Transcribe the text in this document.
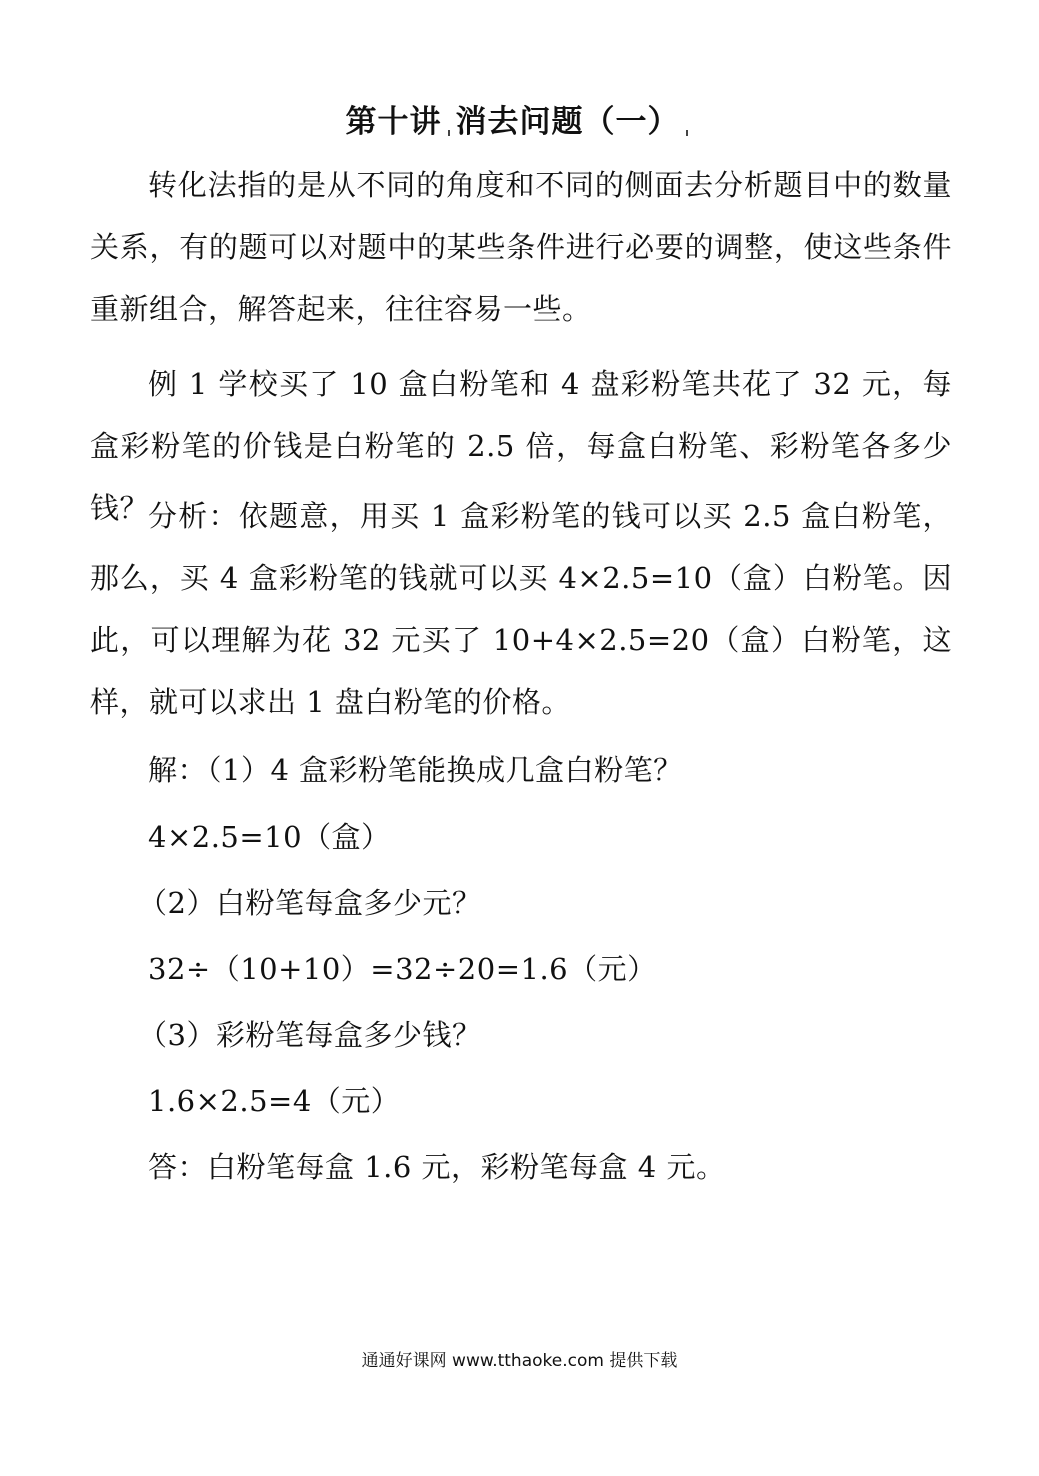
第十讲 消去问题（一）
转化法指的是从不同的角度和不同的侧面去分析题目中的数量关系，有的题可以对题中的某些条件进行必要的调整，使这些条件重新组合，解答起来，往往容易一些。
例 1 学校买了 10 盒白粉笔和 4 盘彩粉笔共花了 32 元，每盒彩粉笔的价钱是白粉笔的 2.5 倍，每盒白粉笔、彩粉笔各多少钱？
分析：依题意，用买 1 盒彩粉笔的钱可以买 2.5 盒白粉笔，那么，买 4 盒彩粉笔的钱就可以买 4×2.5=10（盒）白粉笔。因此，可以理解为花 32 元买了 10+4×2.5=20（盒）白粉笔，这样，就可以求出 1 盘白粉笔的价格。
解：（1）4 盒彩粉笔能换成几盒白粉笔？
4×2.5=10（盒）
（2）白粉笔每盒多少元？
32÷（10+10）=32÷20=1.6（元）
（3）彩粉笔每盒多少钱？
1.6×2.5=4（元）
答：白粉笔每盒 1.6 元，彩粉笔每盒 4 元。
通通好课网 www.tthaoke.com 提供下载
